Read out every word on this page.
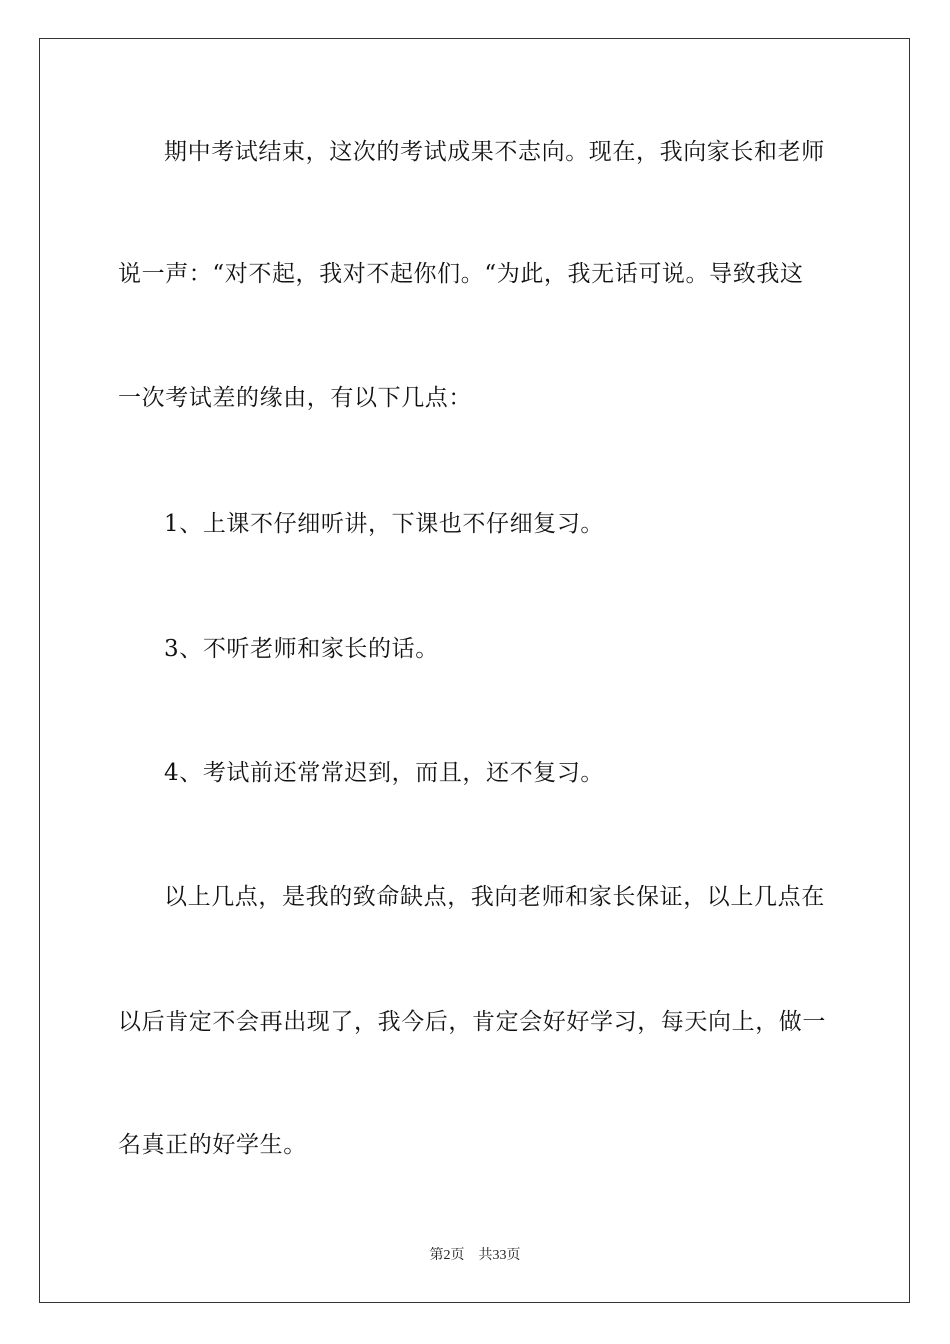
期中考试结束，这次的考试成果不志向。现在，我向家长和老师
说一声：“对不起，我对不起你们。“为此，我无话可说。导致我这
一次考试差的缘由，有以下几点：
1、上课不仔细听讲，下课也不仔细复习。
3、不听老师和家长的话。
4、考试前还常常迟到，而且，还不复习。
以上几点，是我的致命缺点，我向老师和家长保证，以上几点在
以后肯定不会再出现了，我今后，肯定会好好学习，每天向上，做一
名真正的好学生。
第2页 共33页
